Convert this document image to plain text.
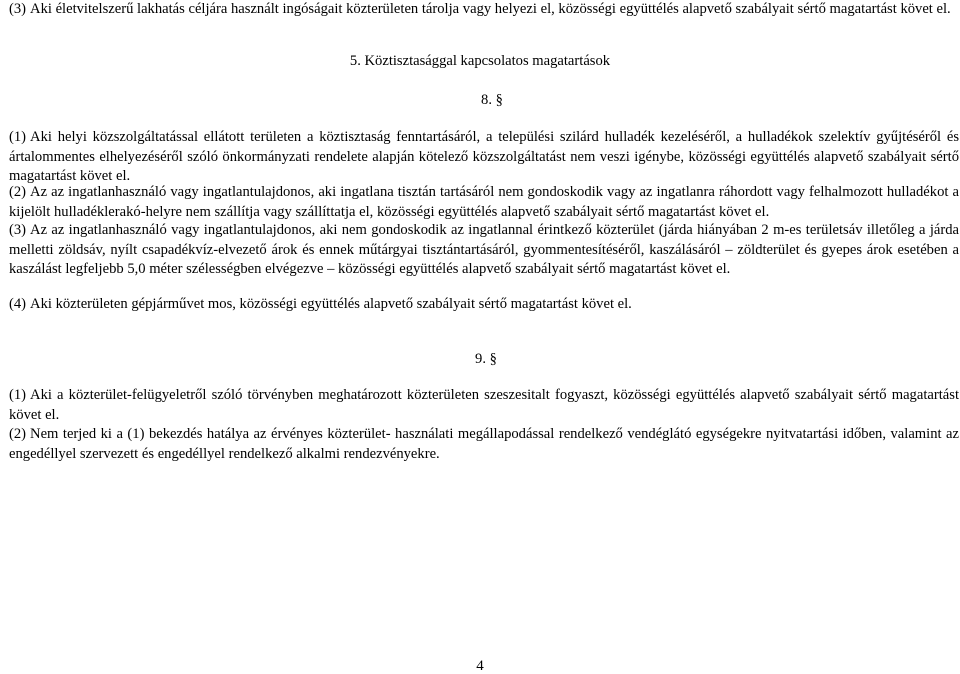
(3) Aki életvitelszerű lakhatás céljára használt ingóságait közterületen tárolja vagy helyezi el, közösségi együttélés alapvető szabályait sértő magatartást követ el.

5. Köztisztasággal kapcsolatos magatartások

8. §

(1) Aki helyi közszolgáltatással ellátott területen a köztisztaság fenntartásáról, a települési szilárd hulladék kezeléséről, a hulladékok szelektív gyűjtéséről és ártalommentes elhelyezéséről szóló önkormányzati rendelete alapján kötelező közszolgáltatást nem veszi igénybe, közösségi együttélés alapvető szabályait sértő magatartást követ el.

(2) Az az ingatlanhasználó vagy ingatlantulajdonos, aki ingatlana tisztán tartásáról nem gondoskodik vagy az ingatlanra ráhordott vagy felhalmozott hulladékot a kijelölt hulladéklerakó-helyre nem szállítja vagy szállíttatja el, közösségi együttélés alapvető szabályait sértő magatartást követ el.

(3) Az az ingatlanhasználó vagy ingatlantulajdonos, aki nem gondoskodik az ingatlannal érintkező közterület (járda hiányában 2 m-es területsáv illetőleg a járda melletti zöldsáv, nyílt csapadékvíz-elvezető árok és ennek műtárgyai tisztántartásáról, gyommentesítéséről, kaszálásáról – zöldterület és gyepes árok esetében a kaszálást legfeljebb 5,0 méter szélességben elvégezve – közösségi együttélés alapvető szabályait sértő magatartást követ el.

(4) Aki közterületen gépjárművet mos, közösségi együttélés alapvető szabályait sértő magatartást követ el.

9. §

(1) Aki a közterület-felügyeletről szóló törvényben meghatározott közterületen szeszesitalt fogyaszt, közösségi együttélés alapvető szabályait sértő magatartást követ el.

(2) Nem terjed ki a (1) bekezdés hatálya az érvényes közterület- használati megállapodással rendelkező vendéglátó egységekre nyitvatartási időben, valamint az engedéllyel szervezett és engedéllyel rendelkező alkalmi rendezvényekre.

4
